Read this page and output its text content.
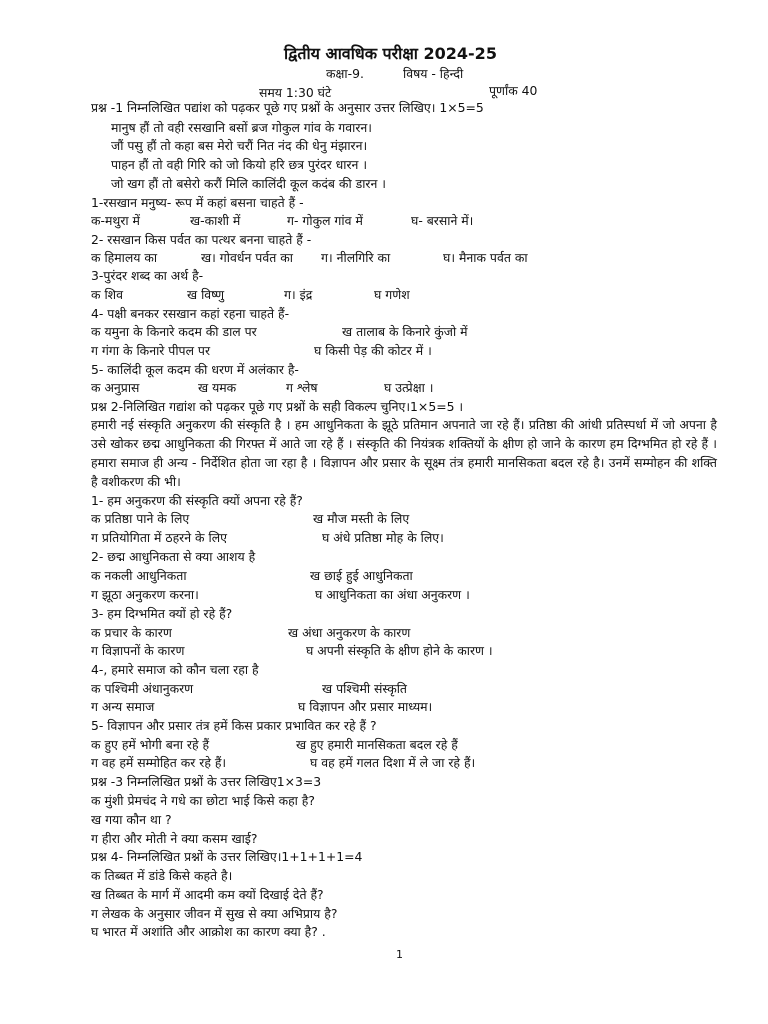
द्वितीय आवधिक परीक्षा 2024-25
कक्षा-9.	विषय - हिन्दी
समय 1:30 घंटे	पूर्णांक 40
प्रश्न -1 निम्नलिखित पद्यांश को पढ़कर पूछे गए प्रश्नों के अनुसार उत्तर लिखिए। 1×5=5
मानुष हौं तो वही रसखानि बसों ब्रज गोकुल गांव के गवारन।
जौं पसु हौं तो कहा बस मेरो चरौं नित नंद की धेनु मंझारन।
पाहन हौं तो वही गिरि को जो कियो हरि छत्र पुरंदर धारन ।
जो खग हौं तो बसेरो करौं मिलि कालिंदी कूल कदंब की डारन ।
1-रसखान मनुष्य- रूप में कहां बसना चाहते हैं -
क-मथुरा में	ख-काशी में	ग- गोकुल गांव में	घ- बरसाने में।
2- रसखान किस पर्वत का पत्थर बनना चाहते हैं -
क हिमालय का	ख। गोवर्धन पर्वत का ग। नीलगिरि का	घ। मैनाक पर्वत का
3-पुरंदर शब्द का अर्थ है-
क शिव	ख विष्णु	ग। इंद्र	घ गणेश
4- पक्षी बनकर रसखान कहां रहना चाहते हैं-
क यमुना के किनारे कदम की डाल पर	ख तालाब के किनारे कुंजो में
ग गंगा के किनारे पीपल पर	घ किसी पेड़ की कोटर में ।
5- कालिंदी कूल कदम की धरण में अलंकार है-
क अनुप्रास	ख यमक	ग श्लेष	घ उत्प्रेक्षा ।
प्रश्न 2-निलिखित गद्यांश को पढ़कर पूछे गए प्रश्नों के सही विकल्प चुनिए।1×5=5 ।
हमारी नई संस्कृति अनुकरण की संस्कृति है । हम आधुनिकता के झूठे प्रतिमान अपनाते जा रहे हैं। प्रतिष्ठा की आंधी प्रतिस्पर्धा में जो अपना है उसे खोकर छद्म आधुनिकता की गिरफ्त में आते जा रहे हैं । संस्कृति की नियंत्रक शक्तियों के क्षीण हो जाने के कारण हम दिग्भमित हो रहे हैं । हमारा समाज ही अन्य - निर्देशित होता जा रहा है । विज्ञापन और प्रसार के सूक्ष्म तंत्र हमारी मानसिकता बदल रहे है। उनमें सम्मोहन की शक्ति है वशीकरण की भी।
1- हम अनुकरण की संस्कृति क्यों अपना रहे हैं?
क प्रतिष्ठा पाने के लिए	ख मौज मस्ती के लिए
ग प्रतियोगिता में ठहरने के लिए	घ अंधे प्रतिष्ठा मोह के लिए।
2- छद्म आधुनिकता से क्या आशय है
क नकली आधुनिकता	ख छाई हुई आधुनिकता
ग झूठा अनुकरण करना।	घ आधुनिकता का अंधा अनुकरण ।
3- हम दिग्भमित क्यों हो रहे हैं?
क प्रचार के कारण	ख अंधा अनुकरण के कारण
ग विज्ञापनों के कारण	घ अपनी संस्कृति के क्षीण होने के कारण ।
4-, हमारे समाज को कौन चला रहा है
क पश्चिमी अंधानुकरण	ख पश्चिमी संस्कृति
ग अन्य समाज	घ विज्ञापन और प्रसार माध्यम।
5- विज्ञापन और प्रसार तंत्र हमें किस प्रकार प्रभावित कर रहे हैं ?
क हुए हमें भोगी बना रहे हैं	ख हुए हमारी मानसिकता बदल रहे हैं
ग वह हमें सम्मोहित कर रहे हैं।	घ वह हमें गलत दिशा में ले जा रहे हैं।
प्रश्न -3 निम्नलिखित प्रश्नों के उत्तर लिखिए1×3=3
क मुंशी प्रेमचंद ने गधे का छोटा भाई किसे कहा है?
ख गया कौन था ?
ग हीरा और मोती ने क्या कसम खाई?
प्रश्न 4- निम्नलिखित प्रश्नों के उत्तर लिखिए।1+1+1+1=4
क तिब्बत में डांडे किसे कहते है।
ख तिब्बत के मार्ग में आदमी कम क्यों दिखाई देते हैं?
ग लेखक के अनुसार जीवन में सुख से क्या अभिप्राय है?
घ भारत में अशांति और आक्रोश का कारण क्या है? .
1
